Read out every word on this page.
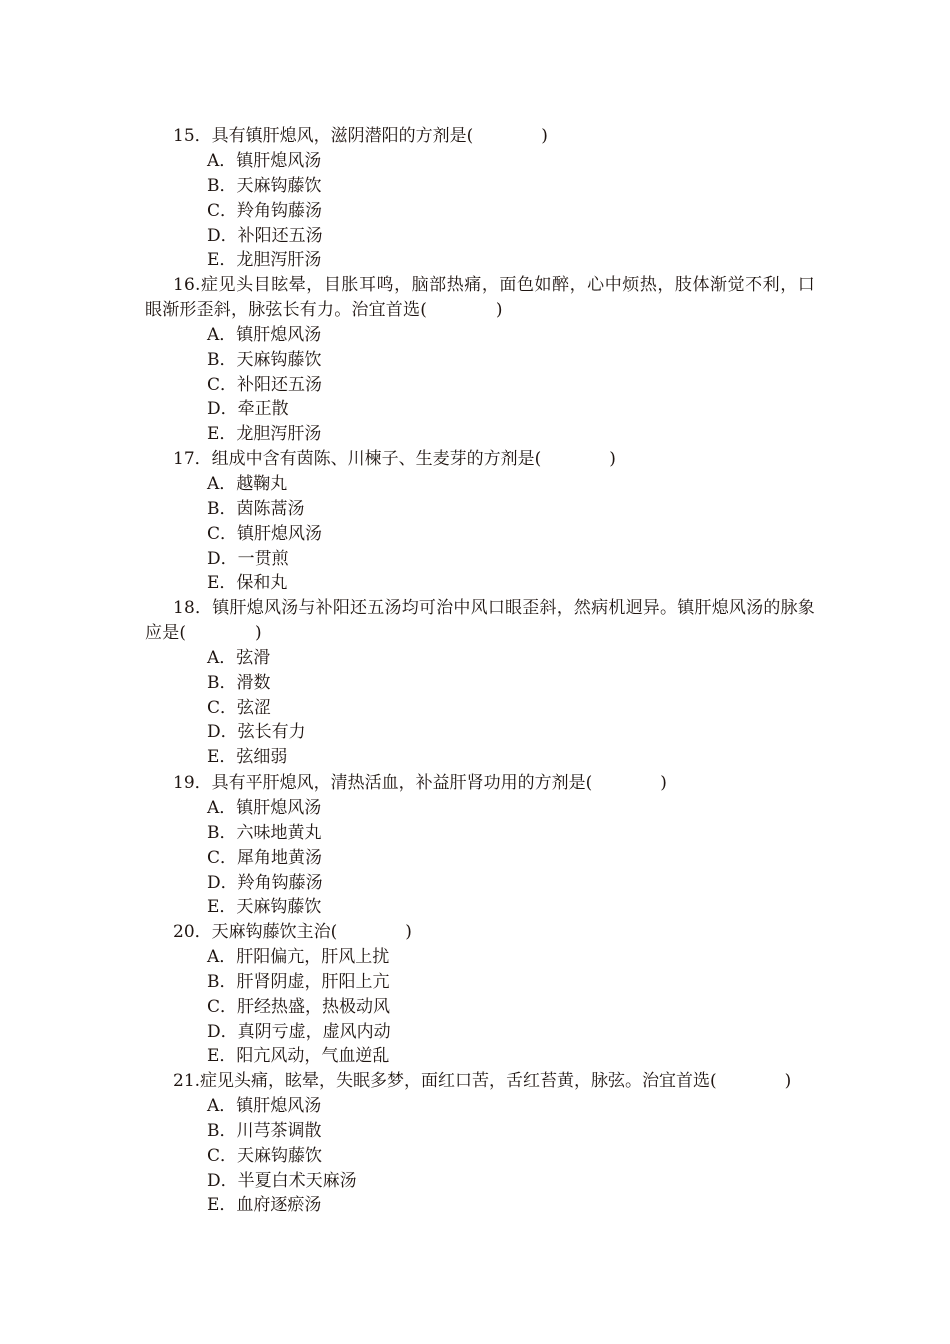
15．具有镇肝熄风，滋阴潜阳的方剂是(　　　　)
A．镇肝熄风汤
B．天麻钩藤饮
C．羚角钩藤汤
D．补阳还五汤
E．龙胆泻肝汤
16.症见头目眩晕，目胀耳鸣，脑部热痛，面色如醉，心中烦热，肢体渐觉不利，口眼渐形歪斜，脉弦长有力。治宜首选(　　　　)
A．镇肝熄风汤
B．天麻钩藤饮
C．补阳还五汤
D．牵正散
E．龙胆泻肝汤
17．组成中含有茵陈、川楝子、生麦芽的方剂是(　　　　)
A．越鞠丸
B．茵陈蒿汤
C．镇肝熄风汤
D．一贯煎
E．保和丸
18．镇肝熄风汤与补阳还五汤均可治中风口眼歪斜，然病机迥异。镇肝熄风汤的脉象应是(　　　　)
A．弦滑
B．滑数
C．弦涩
D．弦长有力
E．弦细弱
19．具有平肝熄风，清热活血，补益肝肾功用的方剂是(　　　　)
A．镇肝熄风汤
B．六味地黄丸
C．犀角地黄汤
D．羚角钩藤汤
E．天麻钩藤饮
20．天麻钩藤饮主治(　　　　)
A．肝阳偏亢，肝风上扰
B．肝肾阴虚，肝阳上亢
C．肝经热盛，热极动风
D．真阴亏虚，虚风内动
E．阳亢风动，气血逆乱
21.症见头痛，眩晕，失眠多梦，面红口苦，舌红苔黄，脉弦。治宜首选(　　　　)
A．镇肝熄风汤
B．川芎茶调散
C．天麻钩藤饮
D．半夏白术天麻汤
E．血府逐瘀汤
